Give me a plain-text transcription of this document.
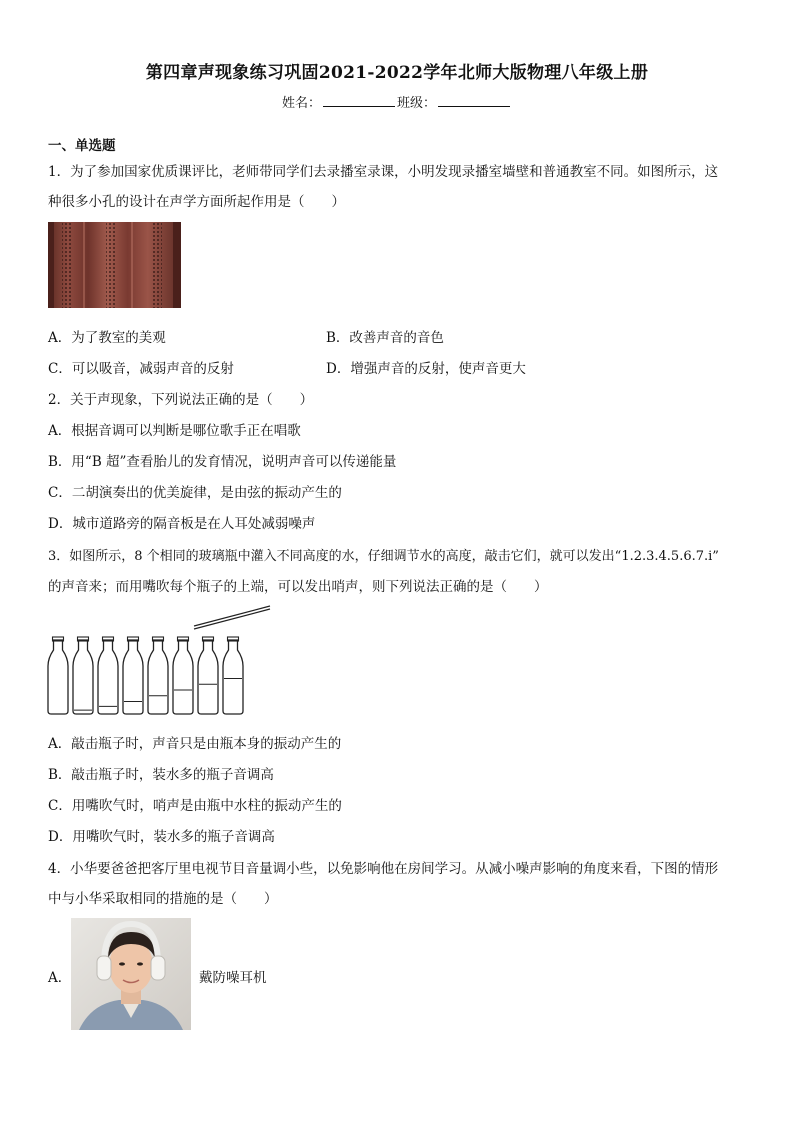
第四章声现象练习巩固2021-2022学年北师大版物理八年级上册
姓名：	班级：
一、单选题
1．为了参加国家优质课评比，老师带同学们去录播室录课，小明发现录播室墙壁和普通教室不同。如图所示，这
种很多小孔的设计在声学方面所起作用是（　　）
A．为了教室的美观	B．改善声音的音色
C．可以吸音，减弱声音的反射	D．增强声音的反射，使声音更大
2．关于声现象，下列说法正确的是（　　）
A．根据音调可以判断是哪位歌手正在唱歌
B．用“B 超”查看胎儿的发育情况，说明声音可以传递能量
C．二胡演奏出的优美旋律，是由弦的振动产生的
D．城市道路旁的隔音板是在人耳处减弱噪声
3．如图所示，8 个相同的玻璃瓶中灌入不同高度的水，仔细调节水的高度，敲击它们，就可以发出“1.2.3.4.5.6.7.i”
的声音来；而用嘴吹每个瓶子的上端，可以发出哨声，则下列说法正确的是（　　）
A．敲击瓶子时，声音只是由瓶本身的振动产生的
B．敲击瓶子时，装水多的瓶子音调高
C．用嘴吹气时，哨声是由瓶中水柱的振动产生的
D．用嘴吹气时，装水多的瓶子音调高
4．小华要爸爸把客厅里电视节目音量调小些，以免影响他在房间学习。从减小噪声影响的角度来看，下图的情形
中与小华采取相同的措施的是（　　）
A．	戴防噪耳机
